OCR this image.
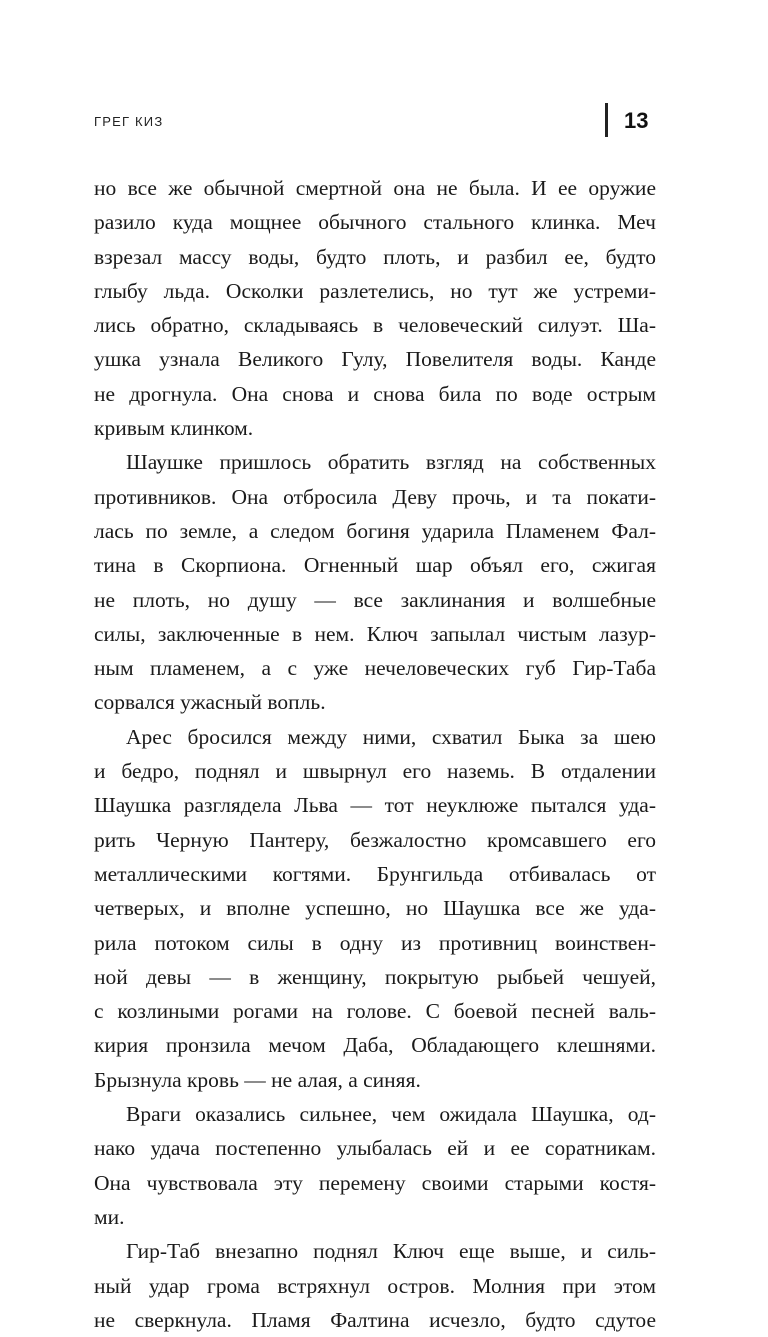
ГРЕГ КИЗ	13
но все же обычной смертной она не была. И ее оружие
разило куда мощнее обычного стального клинка. Меч
взрезал массу воды, будто плоть, и разбил ее, будто
глыбу льда. Осколки разлетелись, но тут же устреми-
лись обратно, складываясь в человеческий силуэт. Ша-
ушка узнала Великого Гулу, Повелителя воды. Канде
не дрогнула. Она снова и снова била по воде острым
кривым клинком.
Шаушке пришлось обратить взгляд на собственных
противников. Она отбросила Деву прочь, и та покати-
лась по земле, а следом богиня ударила Пламенем Фал-
тина в Скорпиона. Огненный шар объял его, сжигая
не плоть, но душу — все заклинания и волшебные
силы, заключенные в нем. Ключ запылал чистым лазур-
ным пламенем, а с уже нечеловеческих губ Гир-Таба
сорвался ужасный вопль.
Арес бросился между ними, схватил Быка за шею
и бедро, поднял и швырнул его наземь. В отдалении
Шаушка разглядела Льва — тот неуклюже пытался уда-
рить Черную Пантеру, безжалостно кромсавшего его
металлическими когтями. Брунгильда отбивалась от
четверых, и вполне успешно, но Шаушка все же уда-
рила потоком силы в одну из противниц воинствен-
ной девы — в женщину, покрытую рыбьей чешуей,
с козлиными рогами на голове. С боевой песней валь-
кирия пронзила мечом Даба, Обладающего клешнями.
Брызнула кровь — не алая, а синяя.
Враги оказались сильнее, чем ожидала Шаушка, од-
нако удача постепенно улыбалась ей и ее соратникам.
Она чувствовала эту перемену своими старыми костя-
ми.
Гир-Таб внезапно поднял Ключ еще выше, и силь-
ный удар грома встряхнул остров. Молния при этом
не сверкнула. Пламя Фалтина исчезло, будто сдутое
